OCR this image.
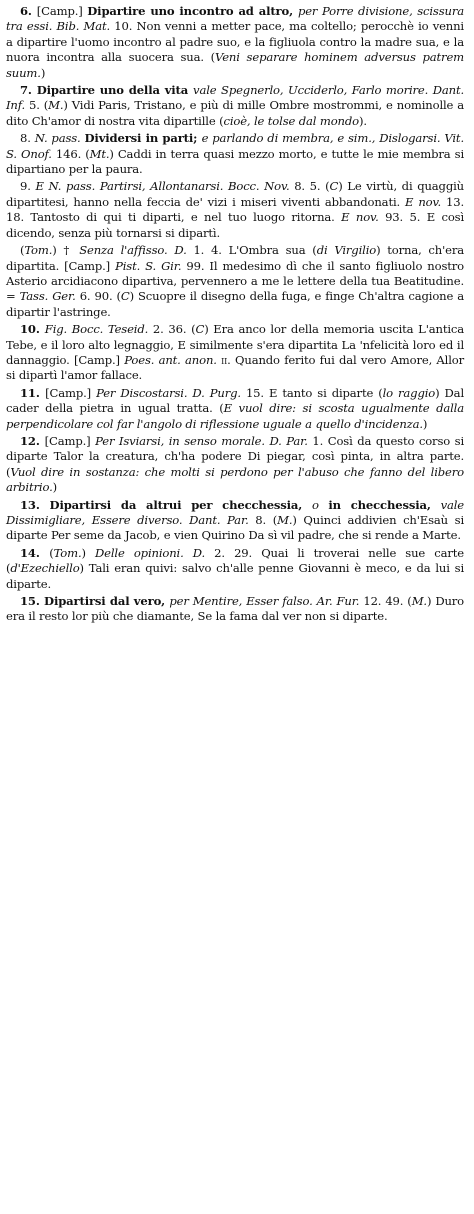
6. [Camp.] Dipartire uno incontro ad altro, per Porre divisione, scissura tra essi. Bib. Mat. 10. Non venni a metter pace, ma coltello; perocchè io venni a dipartire l'uomo incontro al padre suo, e la figliuola contro la madre sua, e la nuora incontra alla suocera sua. (Veni separare hominem adversus patrem suum.)

7. Dipartire uno della vita vale Spegnerlo, Ucciderlo, Farlo morire. Dant. Inf. 5. (M.) Vidi Paris, Tristano, e più di mille Ombre mostrommi, e nominolle a dito Ch'amor di nostra vita dipartille (cioè, le tolse dal mondo).

8. N. pass. Dividersi in parti; e parlando di membra, e sim., Dislogarsi. Vit. S. Onof. 146. (Mt.) Caddi in terra quasi mezzo morto, e tutte le mie membra si dipartiano per la paura.

9. E N. pass. Partirsi, Allontanarsi. Bocc. Nov. 8. 5. (C) Le virtù, di quaggiù dipartitesi, hanno nella feccia de' vizi i miseri viventi abbandonati. E nov. 13. 18. Tantosto di qui ti diparti, e nel tuo luogo ritorna. E nov. 93. 5. E così dicendo, senza più tornarsi si dipartì.

(Tom.) † Senza l'affisso. D. 1. 4. L'Ombra sua (di Virgilio) torna, ch'era dipartita. [Camp.] Pist. S. Gir. 99. Il medesimo dì che il santo figliuolo nostro Asterio arcidiacono dipartiva, pervennero a me le lettere della tua Beatitudine. = Tass. Ger. 6. 90. (C) Scuopre il disegno della fuga, e finge Ch'altra cagione a dipartir l'astringe.

10. Fig. Bocc. Teseid. 2. 36. (C) Era anco lor della memoria uscita L'antica Tebe, e il loro alto legnaggio, E similmente s'era dipartita La 'nfelicità loro ed il dannaggio. [Camp.] Poes. ant. anon. ii. Quando ferito fui dal vero Amore, Allor si dipartì l'amor fallace.

11. [Camp.] Per Discostarsi. D. Purg. 15. E tanto si diparte (lo raggio) Dal cader della pietra in ugual tratta. (E vuol dire: si scosta ugualmente dalla perpendicolare col far l'angolo di riflessione uguale a quello d'incidenza.)

12. [Camp.] Per Isviarsi, in senso morale. D. Par. 1. Così da questo corso si diparte Talor la creatura, ch'ha podere Di piegar, così pinta, in altra parte. (Vuol dire in sostanza: che molti si perdono per l'abuso che fanno del libero arbitrio.)

13. Dipartirsi da altrui per checchessia, o in checchessia, vale Dissimigliare, Essere diverso. Dant. Par. 8. (M.) Quinci addivien ch'Esaù si diparte Per seme da Jacob, e vien Quirino Da sì vil padre, che si rende a Marte.

14. (Tom.) Delle opinioni. D. 2. 29. Quai li troverai nelle sue carte (d'Ezechiello) Tali eran quivi: salvo ch'alle penne Giovanni è meco, e da lui si diparte.

15. Dipartirsi dal vero, per Mentire, Esser falso. Ar. Fur. 12. 49. (M.) Duro era il resto lor più che diamante, Se la fama dal ver non si diparte.
